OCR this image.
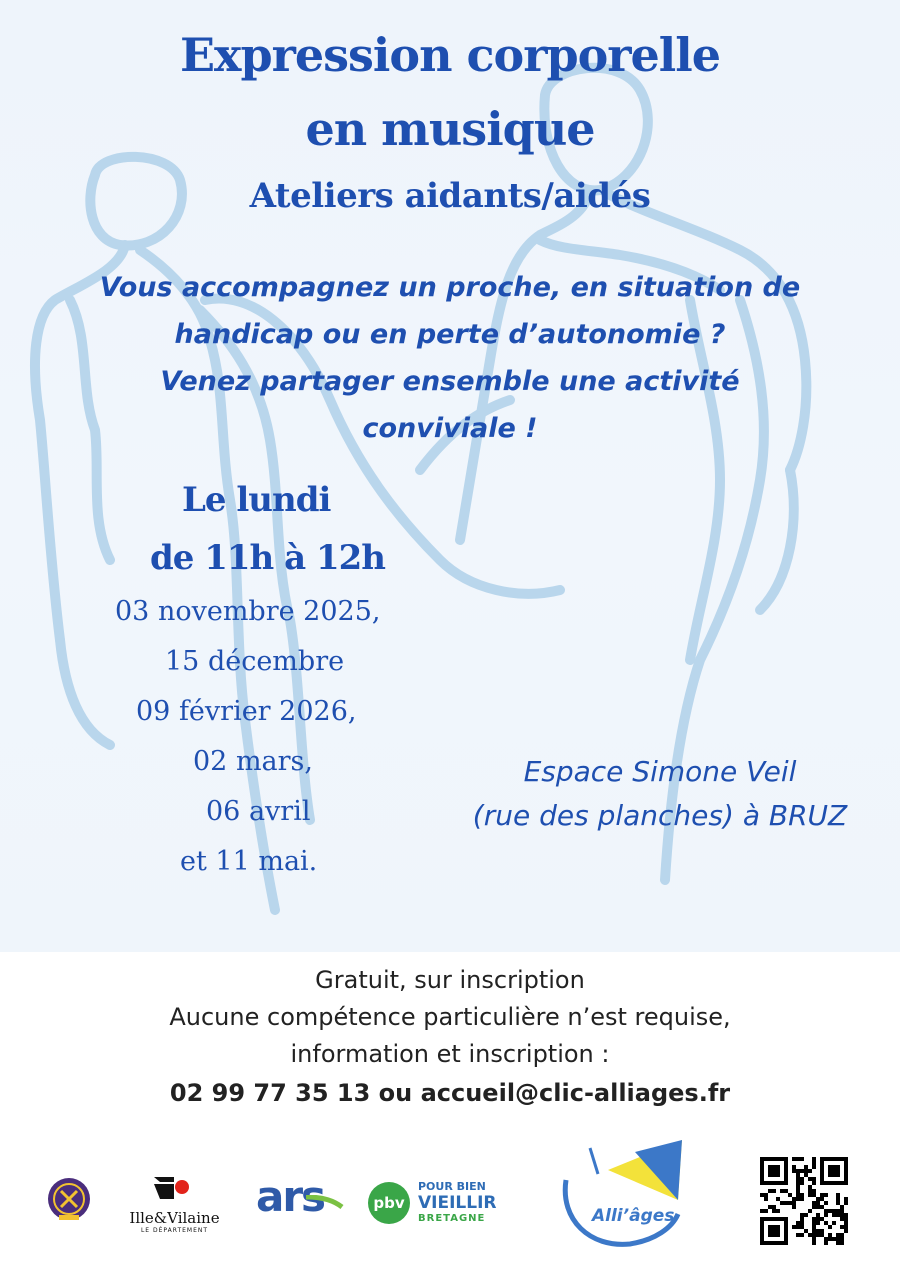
Expression corporelle
en musique
Ateliers aidants/aidés
Vous accompagnez un proche, en situation de
handicap ou en perte d’autonomie ?
Venez partager ensemble une activité
conviviale !
Le lundi
de 11h à 12h
03 novembre 2025,
15 décembre
09 février 2026,
02 mars,
06 avril
et 11 mai.
Espace Simone Veil
(rue des planches) à BRUZ
Gratuit, sur inscription
Aucune compétence particulière n’est requise,
information et inscription :
02 99 77 35 13 ou accueil@clic-alliages.fr
Ille&Vilaine
LE DÉPARTEMENT
ars	pbv
POUR BIEN
VIEILLIR
BRETAGNE	Alli’âges
